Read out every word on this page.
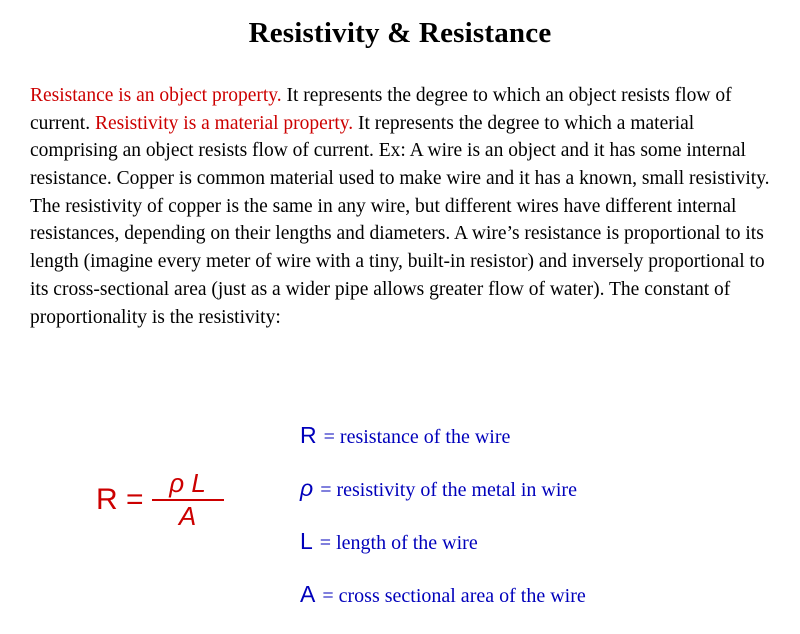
Resistivity & Resistance
Resistance is an object property. It represents the degree to which an object resists flow of current. Resistivity is a material property. It represents the degree to which a material comprising an object resists flow of current. Ex: A wire is an object and it has some internal resistance. Copper is common material used to make wire and it has a known, small resistivity. The resistivity of copper is the same in any wire, but different wires have different internal resistances, depending on their lengths and diameters. A wire’s resistance is proportional to its length (imagine every meter of wire with a tiny, built-in resistor) and inversely proportional to its cross-sectional area (just as a wider pipe allows greater flow of water). The constant of proportionality is the resistivity:
$R = \frac{\text{ρ L}}{A}$
R = resistance of the wire
ρ = resistivity of the metal in wire
L = length of the wire
A = cross sectional area of the wire
